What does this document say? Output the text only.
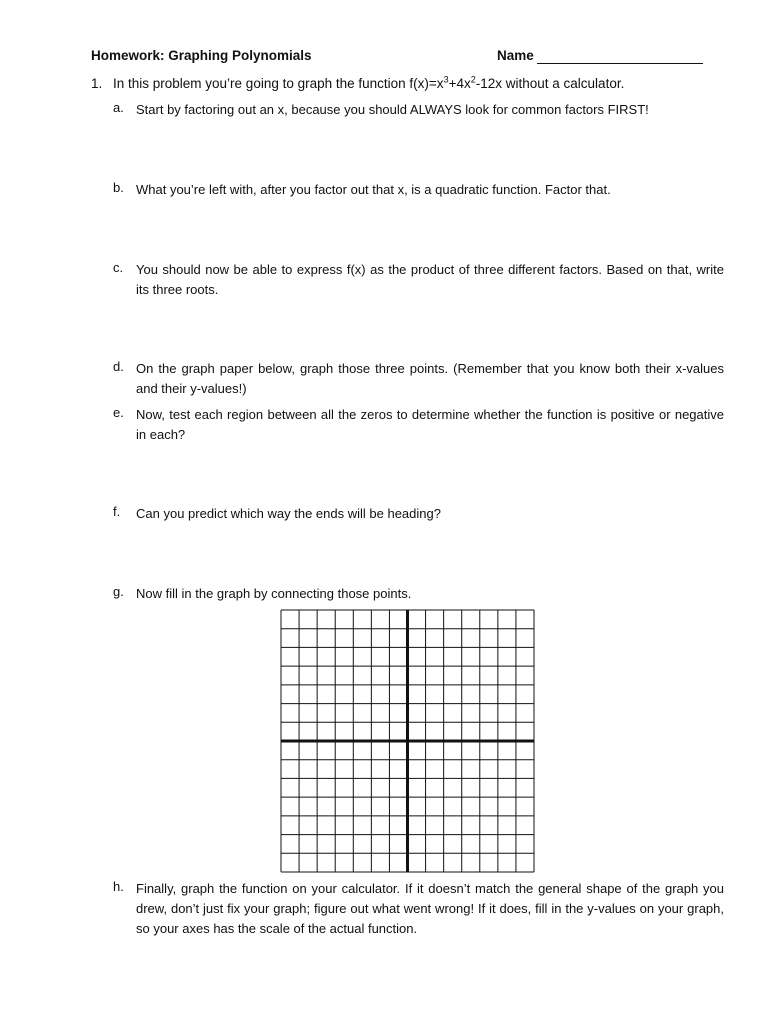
Homework: Graphing Polynomials	Name
1. In this problem you’re going to graph the function $f(x)=x^3+4x^2-12x$ without a calculator.
a. Start by factoring out an x, because you should ALWAYS look for common factors FIRST!
b. What you’re left with, after you factor out that x, is a quadratic function. Factor that.
c. You should now be able to express f(x) as the product of three different factors. Based on that, write its three roots.
d. On the graph paper below, graph those three points. (Remember that you know both their x-values and their y-values!)
e. Now, test each region between all the zeros to determine whether the function is positive or negative in each?
f. Can you predict which way the ends will be heading?
g. Now fill in the graph by connecting those points.
h. Finally, graph the function on your calculator. If it doesn’t match the general shape of the graph you drew, don’t just fix your graph; figure out what went wrong! If it does, fill in the y-values on your graph, so your axes has the scale of the actual function.
